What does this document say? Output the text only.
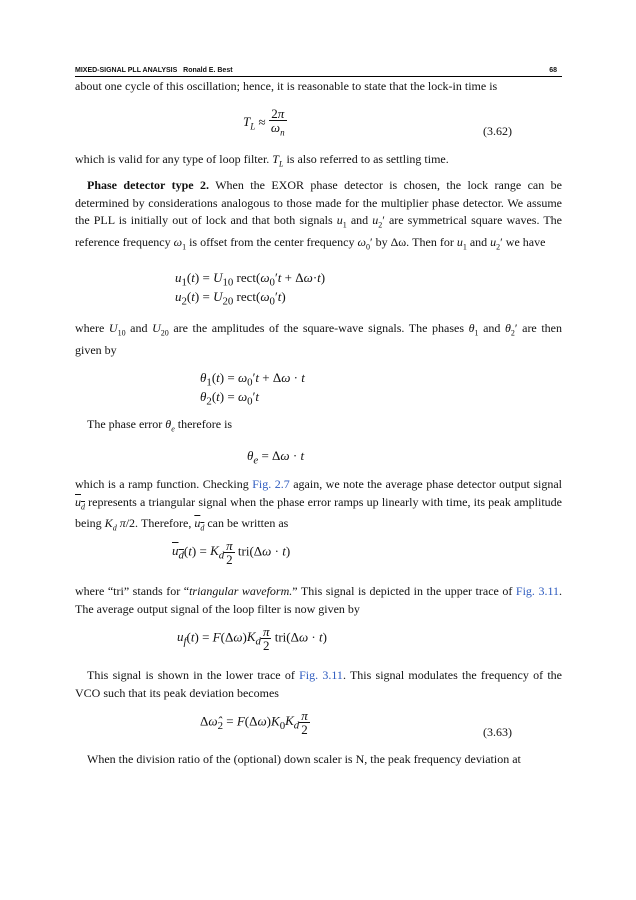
MIXED-SIGNAL PLL ANALYSIS Ronald E. Best	68

about one cycle of this oscillation; hence, it is reasonable to state that the lock-in time is

$T_L \approx \frac{2\pi}{\omega_n}$	(3.62)

which is valid for any type of loop filter. $T_L$ is also referred to as settling time.

Phase detector type 2. When the EXOR phase detector is chosen, the lock range can be determined by considerations analogous to those made for the multiplier phase detector. We assume the PLL is initially out of lock and that both signals $u_1$ and $u_2'$ are symmetrical square waves. The reference frequency $\omega_1$ is offset from the center frequency $\omega_0'$ by Δω. Then for $u_1$ and $u_2'$ we have

$u_1(t) = U_{10}$ $rect(\omega_0't + \Delta\omega\cdot t)$
$u_2(t) = U_{20}$ $rect(\omega_0't)$

where $U_{10}$ and $U_{20}$ are the amplitudes of the square-wave signals. The phases $\theta_1$ and $\theta_2'$ are then given by

$\theta_1(t) = \omega_0't + \Delta\omega \cdot t$
$\theta_2(t) = \omega_0't$

The phase error $\theta_e$ therefore is

$\theta_e = \Delta\omega \cdot t$

which is a ramp function. Checking Fig. 2.7 again, we note the average phase detector output signal $u_d$ represents a triangular signal when the phase error ramps up linearly with time, its peak amplitude being $K_d$ π/2. Therefore, $u_d$ can be written as

$u_d(t) = K_d \frac{\pi}{2} tri(\Delta\omega \cdot t)$

where “tri” stands for “triangular waveform.” This signal is depicted in the upper trace of Fig. 3.11. The average output signal of the loop filter is now given by

$u_f(t) = F(\Delta\omega)K_d \frac{\pi}{2} tri(\Delta\omega \cdot t)$

This signal is shown in the lower trace of Fig. 3.11. This signal modulates the frequency of the VCO such that its peak deviation becomes

$\Delta\omegâ_2 = F(\Delta\omega)K_0K_d \frac{\pi}{2}$	(3.63)

When the division ratio of the (optional) down scaler is N, the peak frequency deviation at
